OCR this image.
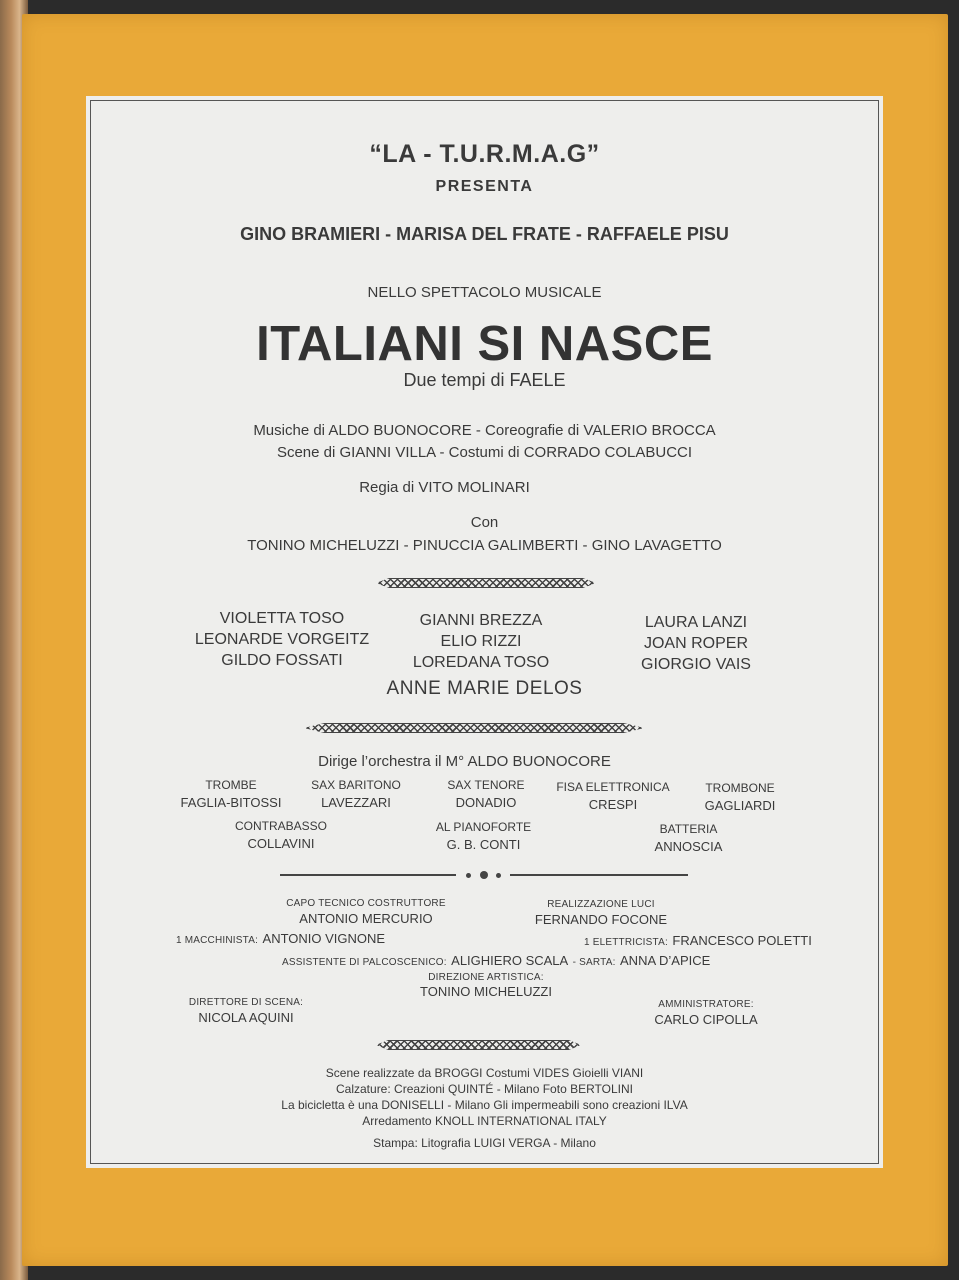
“LA - T.U.R.M.A.G”
PRESENTA
GINO BRAMIERI - MARISA DEL FRATE - RAFFAELE PISU
NELLO SPETTACOLO MUSICALE
ITALIANI SI NASCE
Due tempi di FAELE
Musiche di ALDO BUONOCORE - Coreografie di VALERIO BROCCA
Scene di GIANNI VILLA - Costumi di CORRADO COLABUCCI
Regia di VITO MOLINARI
Con
TONINO MICHELUZZI - PINUCCIA GALIMBERTI - GINO LAVAGETTO
VIOLETTA TOSO
LEONARDE VORGEITZ
GILDO FOSSATI
GIANNI BREZZA
ELIO RIZZI
LOREDANA TOSO
LAURA LANZI
JOAN ROPER
GIORGIO VAIS
ANNE MARIE DELOS
Dirige l’orchestra il M° ALDO BUONOCORE
TROMBE
FAGLIA-BITOSSI
SAX BARITONO
LAVEZZARI
SAX TENORE
DONADIO
FISA ELETTRONICA
CRESPI
TROMBONE
GAGLIARDI
CONTRABASSO
COLLAVINI
AL PIANOFORTE
G. B. CONTI
BATTERIA
ANNOSCIA
CAPO TECNICO COSTRUTTORE
ANTONIO MERCURIO
REALIZZAZIONE LUCI
FERNANDO FOCONE
1 MACCHINISTA: ANTONIO VIGNONE	1 ELETTRICISTA: FRANCESCO POLETTI
ASSISTENTE DI PALCOSCENICO: ALIGHIERO SCALA - SARTA: ANNA D’APICE
DIREZIONE ARTISTICA:
TONINO MICHELUZZI
DIRETTORE DI SCENA:
NICOLA AQUINI
AMMINISTRATORE:
CARLO CIPOLLA
Scene realizzate da BROGGI Costumi VIDES Gioielli VIANI
Calzature: Creazioni QUINTÉ - Milano Foto BERTOLINI
La bicicletta è una DONISELLI - Milano Gli impermeabili sono creazioni ILVA
Arredamento KNOLL INTERNATIONAL ITALY
Stampa: Litografia LUIGI VERGA - Milano
